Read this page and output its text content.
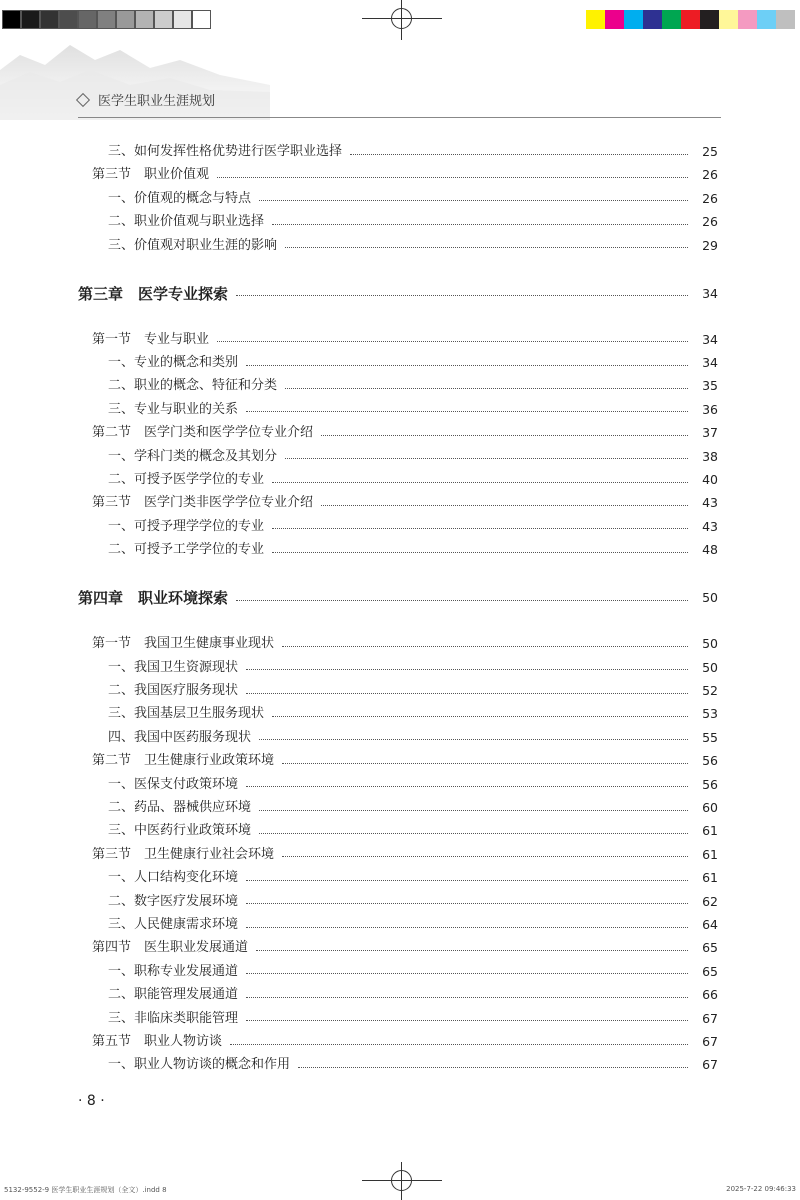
医学生职业生涯规划
三、如何发挥性格优势进行医学职业选择	25
第三节　职业价值观	26
一、价值观的概念与特点	26
二、职业价值观与职业选择	26
三、价值观对职业生涯的影响	29
第三章　医学专业探索	34
第一节　专业与职业	34
一、专业的概念和类别	34
二、职业的概念、特征和分类	35
三、专业与职业的关系	36
第二节　医学门类和医学学位专业介绍	37
一、学科门类的概念及其划分	38
二、可授予医学学位的专业	40
第三节　医学门类非医学学位专业介绍	43
一、可授予理学学位的专业	43
二、可授予工学学位的专业	48
第四章　职业环境探索	50
第一节　我国卫生健康事业现状	50
一、我国卫生资源现状	50
二、我国医疗服务现状	52
三、我国基层卫生服务现状	53
四、我国中医药服务现状	55
第二节　卫生健康行业政策环境	56
一、医保支付政策环境	56
二、药品、器械供应环境	60
三、中医药行业政策环境	61
第三节　卫生健康行业社会环境	61
一、人口结构变化环境	61
二、数字医疗发展环境	62
三、人民健康需求环境	64
第四节　医生职业发展通道	65
一、职称专业发展通道	65
二、职能管理发展通道	66
三、非临床类职能管理	67
第五节　职业人物访谈	67
一、职业人物访谈的概念和作用	67
· 8 ·
5132-9552-9 医学生职业生涯规划（全文）.indd 8	2025-7-22 09:46:33
